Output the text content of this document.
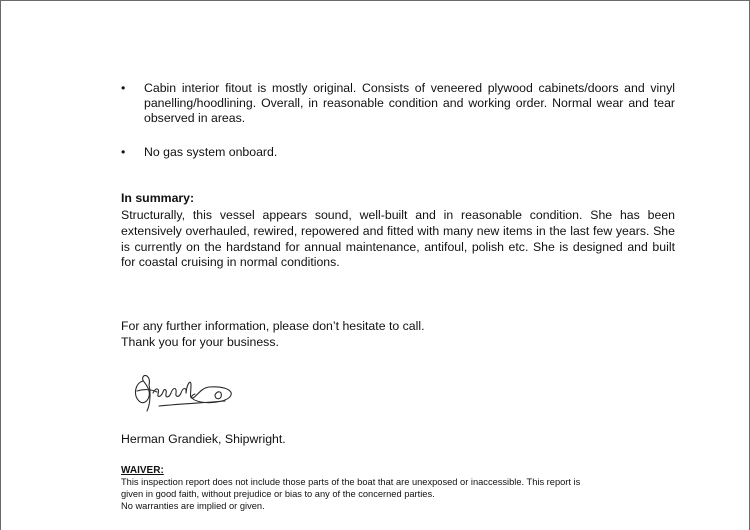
• Cabin interior fitout is mostly original. Consists of veneered plywood cabinets/doors and vinyl panelling/hoodlining. Overall, in reasonable condition and working order. Normal wear and tear observed in areas.
• No gas system onboard.
In summary:
Structurally, this vessel appears sound, well-built and in reasonable condition. She has been extensively overhauled, rewired, repowered and fitted with many new items in the last few years. She is currently on the hardstand for annual maintenance, antifoul, polish etc. She is designed and built for coastal cruising in normal conditions.
For any further information, please don’t hesitate to call.
Thank you for your business.
Herman Grandiek, Shipwright.
WAIVER:
This inspection report does not include those parts of the boat that are unexposed or inaccessible. This report is
given in good faith, without prejudice or bias to any of the concerned parties.
No warranties are implied or given.
